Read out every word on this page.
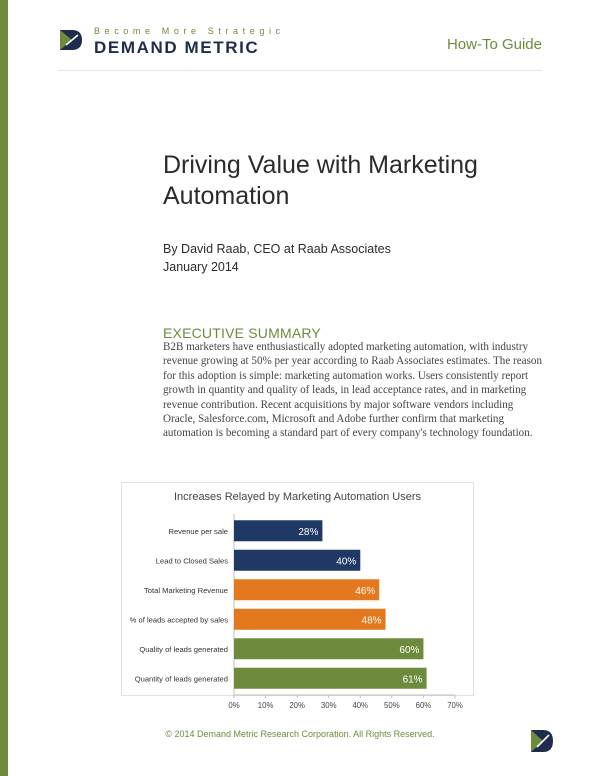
Become More Strategic
DEMAND METRIC	How-To Guide
Driving Value with Marketing Automation
By David Raab, CEO at Raab Associates
January 2014
EXECUTIVE SUMMARY
B2B marketers have enthusiastically adopted marketing automation, with industry revenue growing at 50% per year according to Raab Associates estimates. The reason for this adoption is simple: marketing automation works. Users consistently report growth in quantity and quality of leads, in lead acceptance rates, and in marketing revenue contribution. Recent acquisitions by major software vendors including Oracle, Salesforce.com, Microsoft and Adobe further confirm that marketing automation is becoming a standard part of every company's technology foundation.
Increases Relayed by Marketing Automation Users
28%
Revenue per sale
40%
Lead to Closed Sales
46%
Total Marketing Revenue
48%
% of leads accepted by sales
60%
Quality of leads generated
61%
Quantity of leads generated
0% 10% 20% 30% 40% 50% 60% 70%
© 2014 Demand Metric Research Corporation. All Rights Reserved.
